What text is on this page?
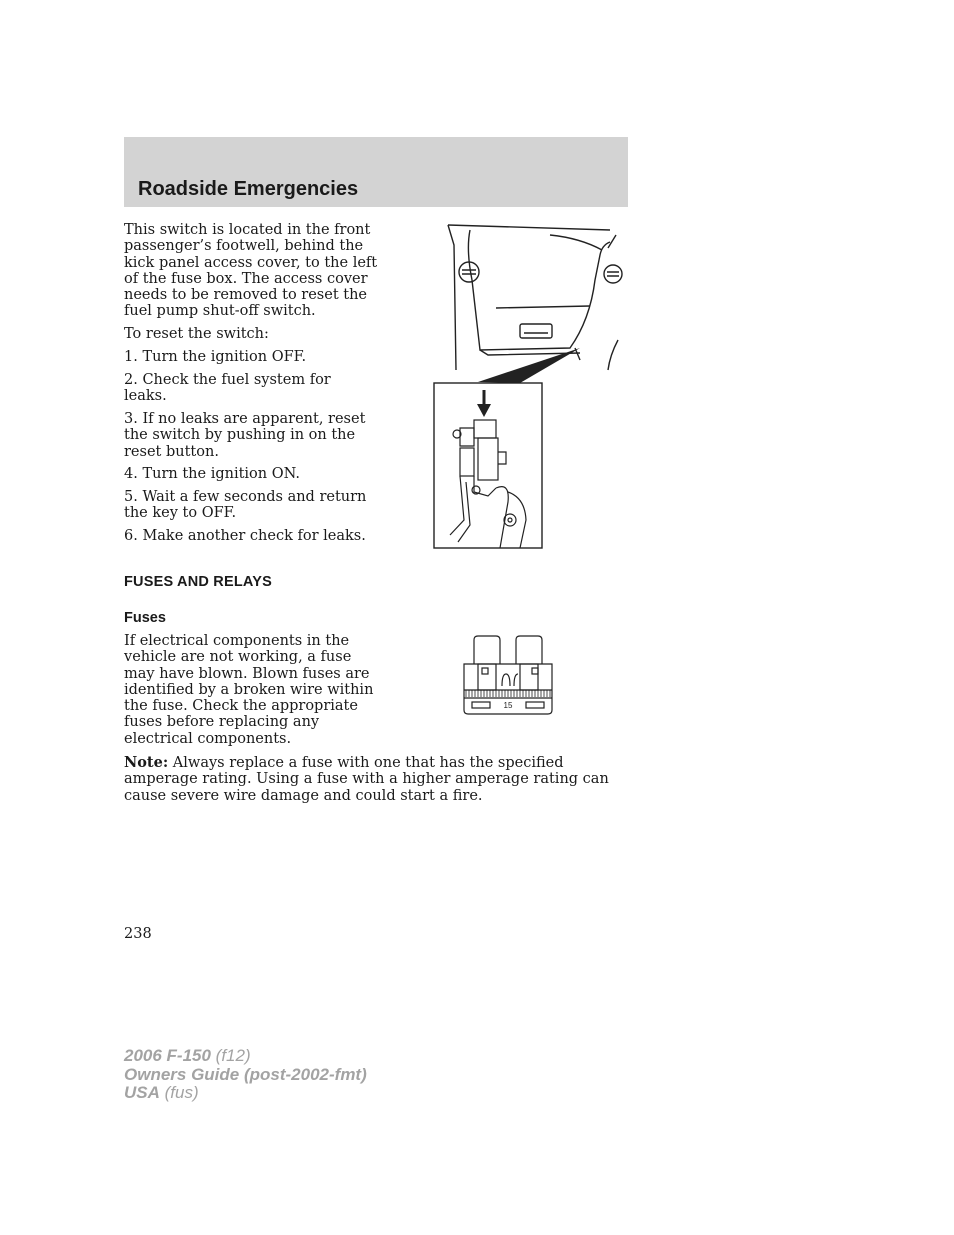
Roadside Emergencies

This switch is located in the front passenger’s footwell, behind the kick panel access cover, to the left of the fuse box. The access cover needs to be removed to reset the fuel pump shut-off switch.

To reset the switch:

1. Turn the ignition OFF.

2. Check the fuel system for leaks.

3. If no leaks are apparent, reset the switch by pushing in on the reset button.

4. Turn the ignition ON.

5. Wait a few seconds and return the key to OFF.

6. Make another check for leaks.

FUSES AND RELAYS
Fuses

If electrical components in the vehicle are not working, a fuse may have blown. Blown fuses are identified by a broken wire within the fuse. Check the appropriate fuses before replacing any electrical components.

15

Note: Always replace a fuse with one that has the specified amperage rating. Using a fuse with a higher amperage rating can cause severe wire damage and could start a fire.

238

2006 F-150 (f12)
Owners Guide (post-2002-fmt)
USA (fus)
